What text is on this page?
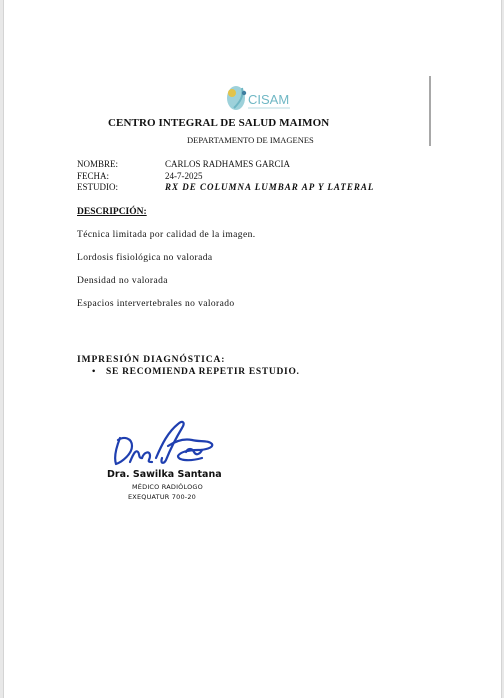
CISAM
CENTRO INTEGRAL DE SALUD MAIMON
DEPARTAMENTO DE IMAGENES
NOMBRE:	CARLOS RADHAMES GARCIA
FECHA:	24-7-2025
ESTUDIO:	RX DE COLUMNA LUMBAR AP Y LATERAL
DESCRIPCIÓN:
Técnica limitada por calidad de la imagen.
Lordosis fisiológica no valorada
Densidad no valorada
Espacios intervertebrales no valorado
IMPRESIÓN DIAGNÓSTICA:
• SE RECOMIENDA REPETIR ESTUDIO.
Dra. Sawilka Santana
MÉDICO RADIÓLOGO
EXEQUATUR 700-20
